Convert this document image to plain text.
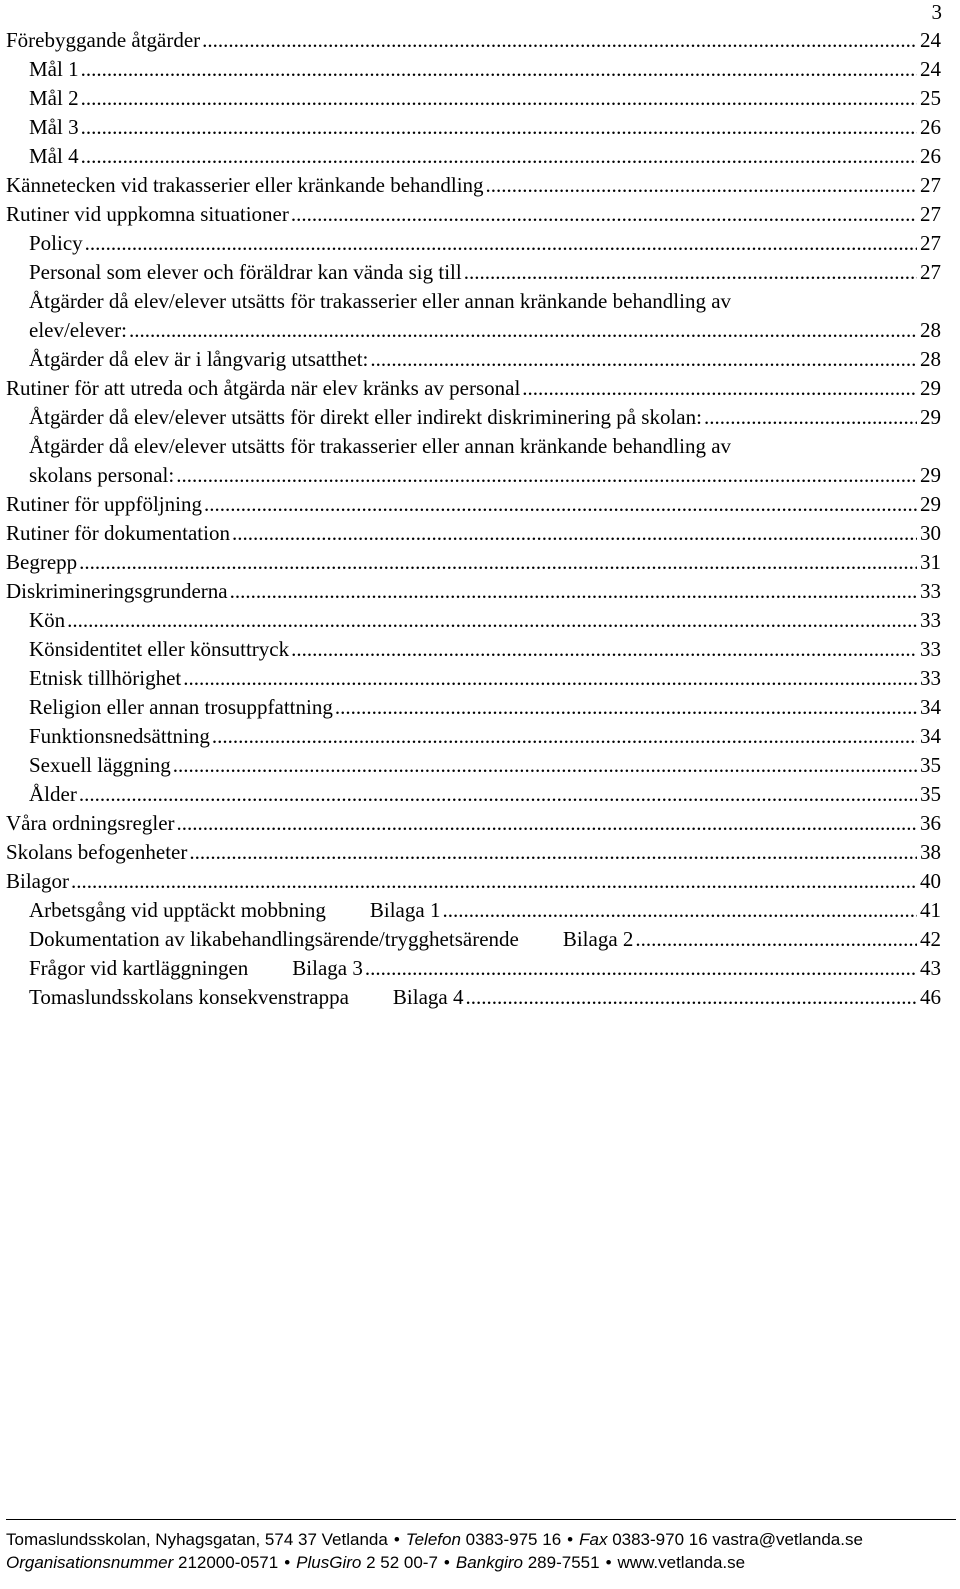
3
Förebyggande åtgärder .....	24
Mål 1 .....	24
Mål 2 .....	25
Mål 3 .....	26
Mål 4 .....	26
Kännetecken vid trakasserier eller kränkande behandling .....	27
Rutiner vid uppkomna situationer .....	27
Policy .....	27
Personal som elever och föräldrar kan vända sig till .....	27
Åtgärder då elev/elever utsätts för trakasserier eller annan kränkande behandling av
elev/elever: .....	28
Åtgärder då elev är i långvarig utsatthet: .....	28
Rutiner för att utreda och åtgärda när elev kränks av personal .....	29
Åtgärder då elev/elever utsätts för direkt eller indirekt diskriminering på skolan: .....	29
Åtgärder då elev/elever utsätts för trakasserier eller annan kränkande behandling av
skolans personal: .....	29
Rutiner för uppföljning .....	29
Rutiner för dokumentation .....	30
Begrepp .....	31
Diskrimineringsgrunderna .....	33
Kön .....	33
Könsidentitet eller könsuttryck .....	33
Etnisk tillhörighet .....	33
Religion eller annan trosuppfattning .....	34
Funktionsnedsättning .....	34
Sexuell läggning .....	35
Ålder .....	35
Våra ordningsregler .....	36
Skolans befogenheter .....	38
Bilagor .....	40
Arbetsgång vid upptäckt mobbning Bilaga 1 .....	41
Dokumentation av likabehandlingsärende/trygghetsärende Bilaga 2 .....	42
Frågor vid kartläggningen Bilaga 3 .....	43
Tomaslundsskolans konsekvenstrappa Bilaga 4 .....	46
Tomaslundsskolan, Nyhagsgatan, 574 37 Vetlanda • Telefon 0383-975 16 • Fax 0383-970 16 vastra@vetlanda.se
Organisationsnummer 212000-0571 • PlusGiro 2 52 00-7 • Bankgiro 289-7551 • www.vetlanda.se
